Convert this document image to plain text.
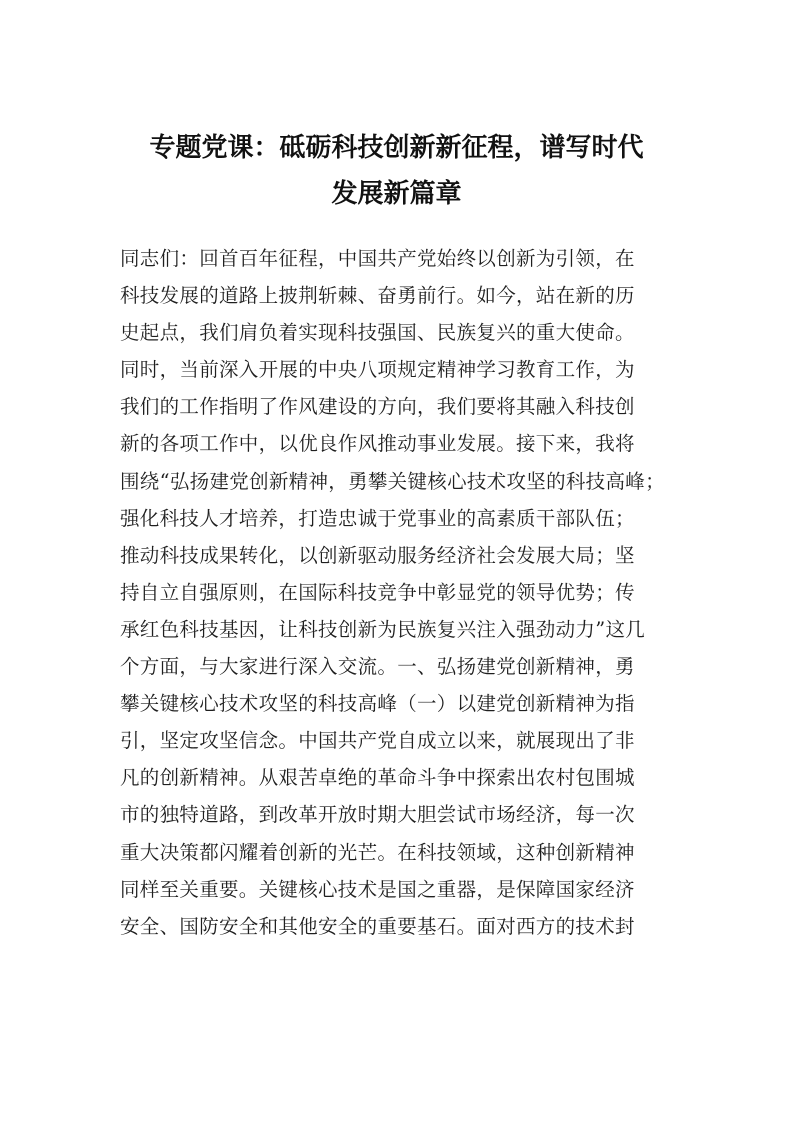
专题党课：砥砺科技创新新征程，谱写时代
发展新篇章
同志们：回首百年征程，中国共产党始终以创新为引领，在
科技发展的道路上披荆斩棘、奋勇前行。如今，站在新的历
史起点，我们肩负着实现科技强国、民族复兴的重大使命。
同时，当前深入开展的中央八项规定精神学习教育工作，为
我们的工作指明了作风建设的方向，我们要将其融入科技创
新的各项工作中，以优良作风推动事业发展。接下来，我将
围绕“弘扬建党创新精神，勇攀关键核心技术攻坚的科技高峰；
强化科技人才培养，打造忠诚于党事业的高素质干部队伍；
推动科技成果转化，以创新驱动服务经济社会发展大局；坚
持自立自强原则，在国际科技竞争中彰显党的领导优势；传
承红色科技基因，让科技创新为民族复兴注入强劲动力”这几
个方面，与大家进行深入交流。一、弘扬建党创新精神，勇
攀关键核心技术攻坚的科技高峰（一）以建党创新精神为指
引，坚定攻坚信念。中国共产党自成立以来，就展现出了非
凡的创新精神。从艰苦卓绝的革命斗争中探索出农村包围城
市的独特道路，到改革开放时期大胆尝试市场经济，每一次
重大决策都闪耀着创新的光芒。在科技领域，这种创新精神
同样至关重要。关键核心技术是国之重器，是保障国家经济
安全、国防安全和其他安全的重要基石。面对西方的技术封
